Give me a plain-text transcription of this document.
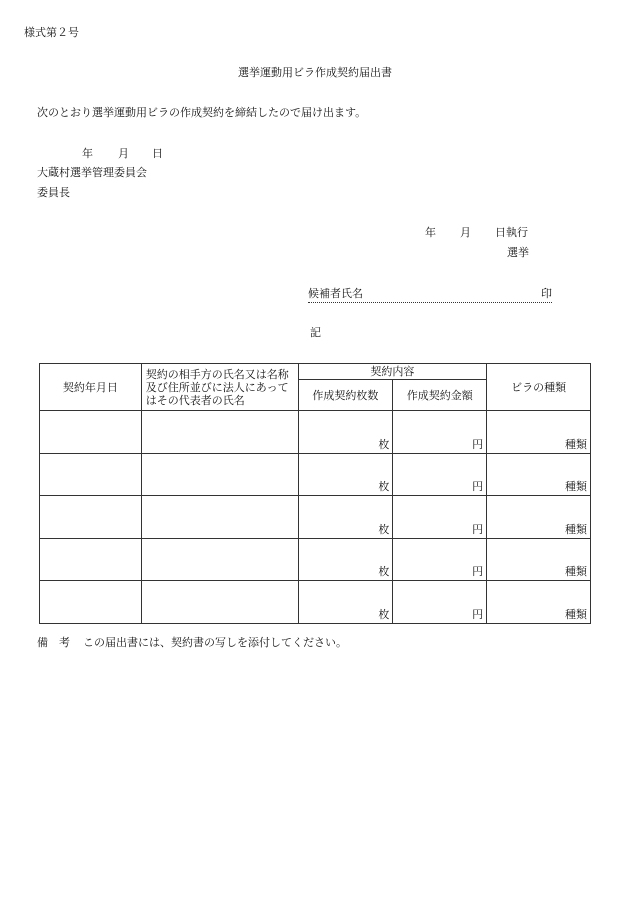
様式第２号
選挙運動用ビラ作成契約届出書
次のとおり選挙運動用ビラの作成契約を締結したので届け出ます。
年 月 日
大蔵村選挙管理委員会
委員長
年 月 日執行
選挙
候補者氏名	印
記
契約年月日	契約の相手方の氏名又は名称及び住所並びに法人にあってはその代表者の氏名	契約内容		ビラの種類
		作成契約枚数	作成契約金額	
		枚	円	種類
		枚	円	種類
		枚	円	種類
		枚	円	種類
		枚	円	種類
備　考 この届出書には、契約書の写しを添付してください。
